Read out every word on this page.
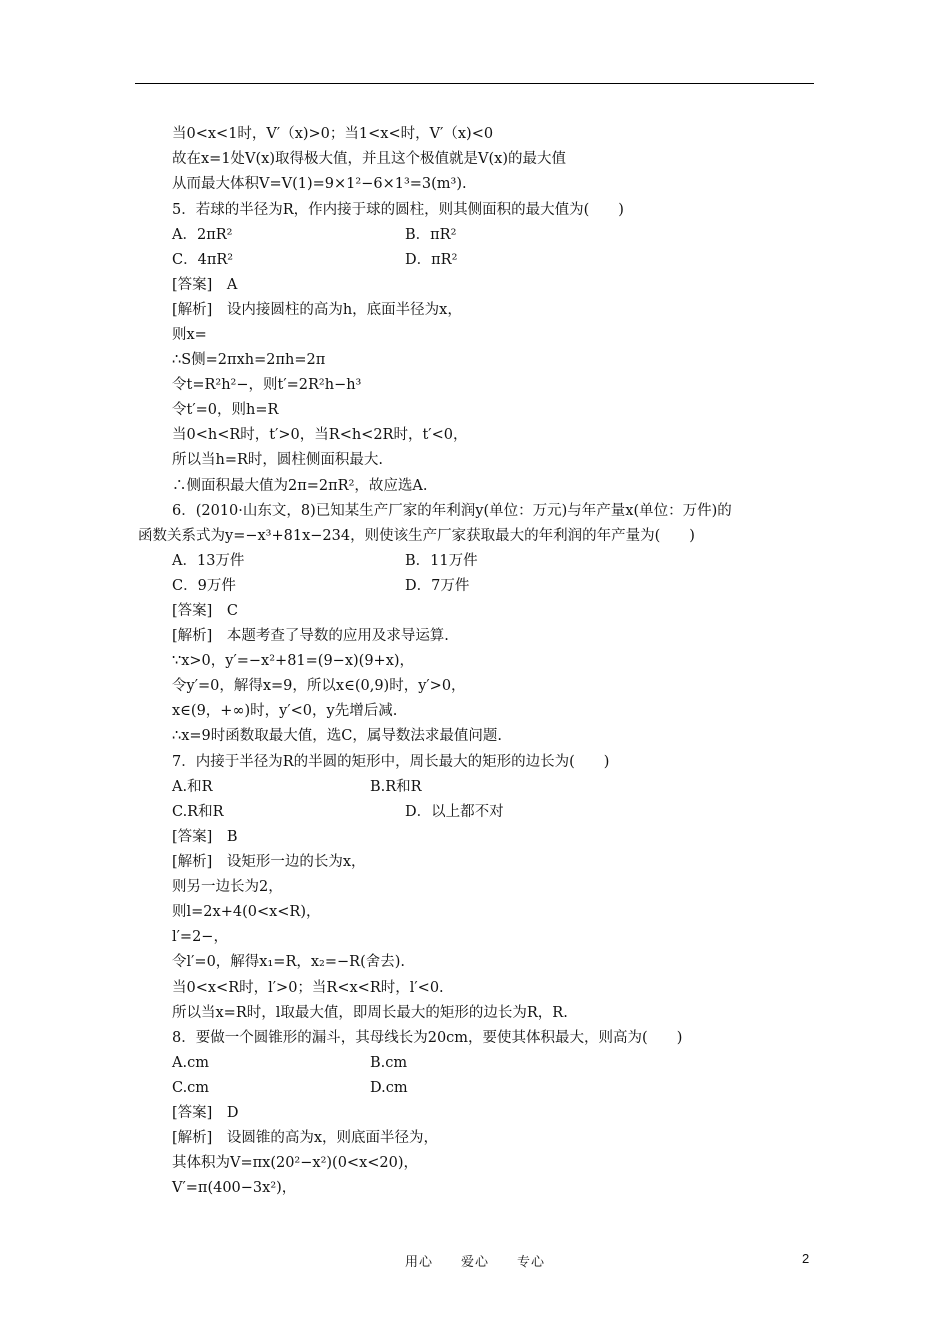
当0<x<1时，V′（x)>0；当1<x<时，V′（x)<0
故在x=1处V(x)取得极大值，并且这个极值就是V(x)的最大值
从而最大体积V=V(1)=9×1²−6×1³=3(m³).
5．若球的半径为R，作内接于球的圆柱，则其侧面积的最大值为(　　)
A．2πR²	B．πR²
C．4πR²	D．πR²
[答案]　A
[解析]　设内接圆柱的高为h，底面半径为x，
则x=
∴S侧=2πxh=2πh=2π
令t=R²h²−，则t′=2R²h−h³
令t′=0，则h=R
当0<h<R时，t′>0，当R<h<2R时，t′<0，
所以当h=R时，圆柱侧面积最大.
∴侧面积最大值为2π=2πR²，故应选A.
6．(2010·山东文，8)已知某生产厂家的年利润y(单位：万元)与年产量x(单位：万件)的
函数关系式为y=−x³+81x−234，则使该生产厂家获取最大的年利润的年产量为(　　)
A．13万件	B．11万件
C．9万件	D．7万件
[答案]　C
[解析]　本题考查了导数的应用及求导运算.
∵x>0，y′=−x²+81=(9−x)(9+x)，
令y′=0，解得x=9，所以x∈(0,9)时，y′>0，
x∈(9，+∞)时，y′<0，y先增后减.
∴x=9时函数取最大值，选C，属导数法求最值问题.
7．内接于半径为R的半圆的矩形中，周长最大的矩形的边长为(　　)
A.和R	B.R和R
C.R和R	D．以上都不对
[答案]　B
[解析]　设矩形一边的长为x，
则另一边长为2，
则l=2x+4(0<x<R)，
l′=2−，
令l′=0，解得x₁=R，x₂=−R(舍去).
当0<x<R时，l′>0；当R<x<R时，l′<0.
所以当x=R时，l取最大值，即周长最大的矩形的边长为R，R.
8．要做一个圆锥形的漏斗，其母线长为20cm，要使其体积最大，则高为(　　)
A.cm	B.cm
C.cm	D.cm
[答案]　D
[解析]　设圆锥的高为x，则底面半径为，
其体积为V=πx(20²−x²)(0<x<20)，
V′=π(400−3x²)，
用心　　爱心　　专心	2
